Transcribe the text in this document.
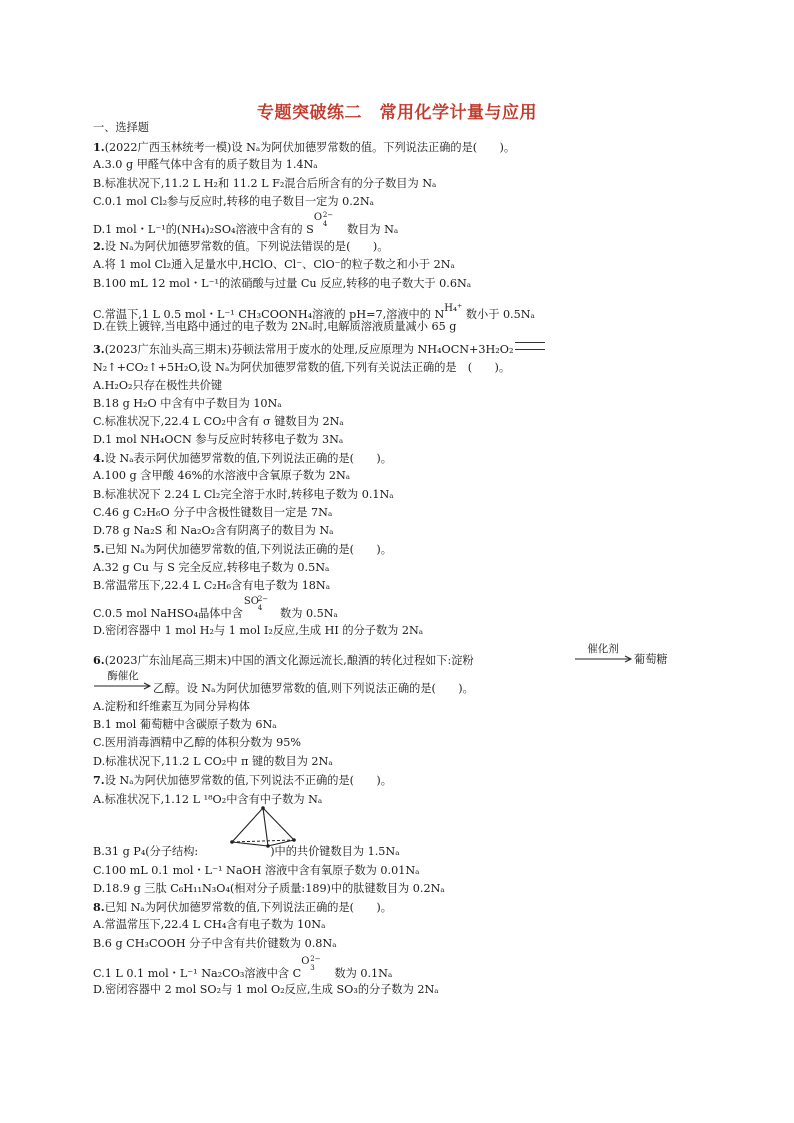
专题突破练二　常用化学计量与应用
一、选择题
1.(2022广西玉林统考一模)设 Nₐ为阿伏加德罗常数的值。下列说法正确的是(　　)。
A.3.0 g 甲醛气体中含有的质子数目为 1.4Nₐ
B.标准状况下,11.2 L H₂和 11.2 L F₂混合后所含有的分子数目为 Nₐ
C.0.1 mol Cl₂参与反应时,转移的电子数目一定为 0.2Nₐ
D.1 mol・L⁻¹的(NH₄)₂SO₄溶液中含有的 S
O 2−
4 　数目为 Nₐ
2.设 Nₐ为阿伏加德罗常数的值。下列说法错误的是(　　)。
A.将 1 mol Cl₂通入足量水中,HClO、Cl⁻、ClO⁻的粒子数之和小于 2Nₐ
B.100 mL 12 mol・L⁻¹的浓硝酸与过量 Cu 反应,转移的电子数大于 0.6Nₐ
C.常温下,1 L 0.5 mol・L⁻¹ CH₃COONH₄溶液的 pH=7,溶液中的 NH₄⁺ 数小于 0.5Nₐ
D.在铁上镀锌,当电路中通过的电子数为 2Nₐ时,电解质溶液质量减小 65 g
3.(2023广东汕头高三期末)芬顿法常用于废水的处理,反应原理为 NH₄OCN+3H₂O₂
N₂↑+CO₂↑+5H₂O,设 Nₐ为阿伏加德罗常数的值,下列有关说法正确的是　(　　)。
A.H₂O₂只存在极性共价键
B.18 g H₂O 中含有中子数目为 10Nₐ
C.标准状况下,22.4 L CO₂中含有 σ 键数目为 2Nₐ
D.1 mol NH₄OCN 参与反应时转移电子数为 3Nₐ
4.设 Nₐ表示阿伏加德罗常数的值,下列说法正确的是(　　)。
A.100 g 含甲酸 46%的水溶液中含氧原子数为 2Nₐ
B.标准状况下 2.24 L Cl₂完全溶于水时,转移电子数为 0.1Nₐ
C.46 g C₂H₆O 分子中含极性键数目一定是 7Nₐ
D.78 g Na₂S 和 Na₂O₂含有阴离子的数目为 Nₐ
5.已知 Nₐ为阿伏加德罗常数的值,下列说法正确的是(　　)。
A.32 g Cu 与 S 完全反应,转移电子数为 0.5Nₐ
B.常温常压下,22.4 L C₂H₆含有电子数为 18Nₐ
C.0.5 mol NaHSO₄晶体中含
SO
2−
4 　数为 0.5Nₐ
D.密闭容器中 1 mol H₂与 1 mol I₂反应,生成 HI 的分子数为 2Nₐ
催化剂
6.(2023广东汕尾高三期末)中国的酒文化源远流长,酿酒的转化过程如下:淀粉	葡萄糖
酶催化
→ 乙醇。设 Nₐ为阿伏加德罗常数的值,则下列说法正确的是(　　)。
A.淀粉和纤维素互为同分异构体
B.1 mol 葡萄糖中含碳原子数为 6Nₐ
C.医用消毒酒精中乙醇的体积分数为 95%
D.标准状况下,11.2 L CO₂中 π 键的数目为 2Nₐ
7.设 Nₐ为阿伏加德罗常数的值,下列说法不正确的是(　　)。
A.标准状况下,1.12 L ¹⁸O₂中含有中子数为 Nₐ
B.31 g P₄(分子结构:	)中的共价键数目为 1.5Nₐ
C.100 mL 0.1 mol・L⁻¹ NaOH 溶液中含有氧原子数为 0.01Nₐ
D.18.9 g 三肽 C₆H₁₁N₃O₄(相对分子质量:189)中的肽键数目为 0.2Nₐ
8.已知 Nₐ为阿伏加德罗常数的值,下列说法正确的是(　　)。
A.常温常压下,22.4 L CH₄含有电子数为 10Nₐ
B.6 g CH₃COOH 分子中含有共价键数为 0.8Nₐ
C.1 L 0.1 mol・L⁻¹ Na₂CO₃溶液中含 C
O 2−
3 　数为 0.1Nₐ
D.密闭容器中 2 mol SO₂与 1 mol O₂反应,生成 SO₃的分子数为 2Nₐ
